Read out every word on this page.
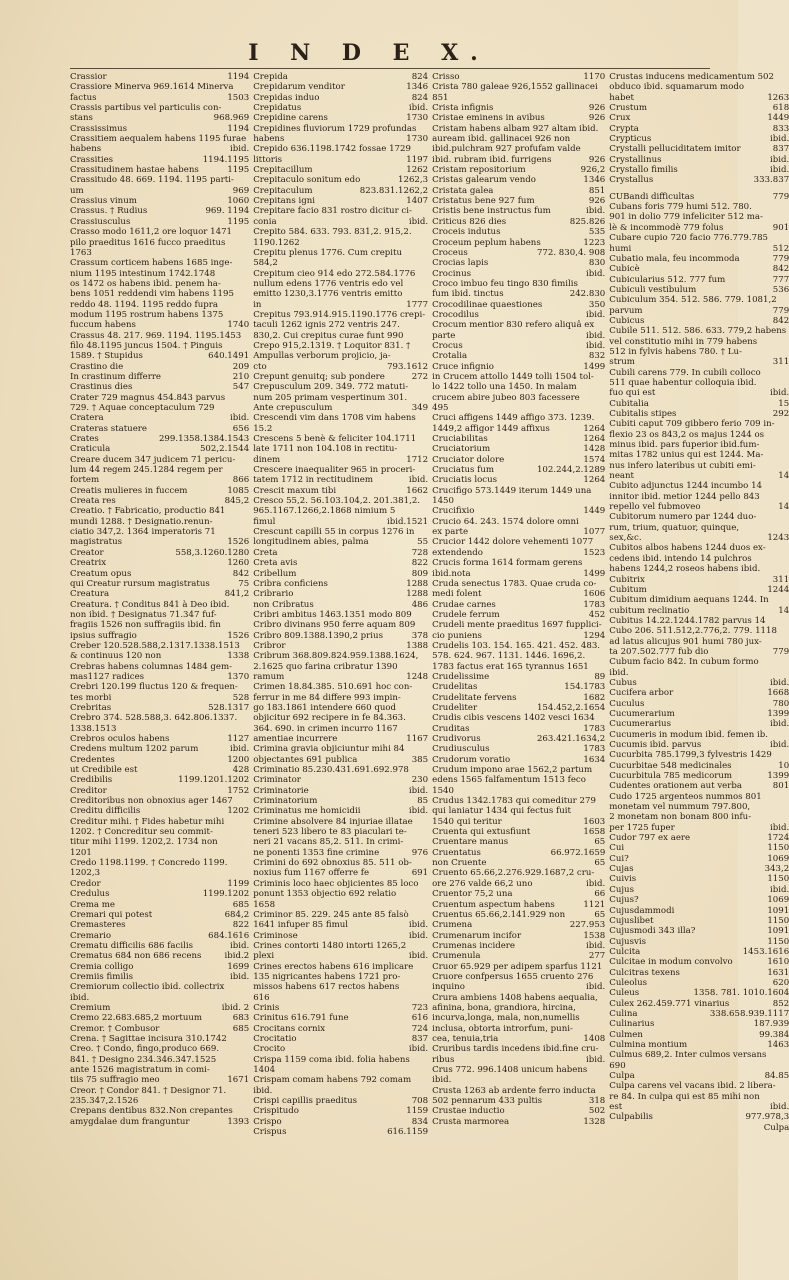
I N D E X.
Crassior	1194
Crassiore Minerva 969.1614 Minerva
factus	1503
Crassis partibus vel particulis con-
stans	968.969
Crassissimus	1194
Crassitiem aequalem habens 1195 furae
habens	ibid.
Crassities	1194.1195
Crassitudinem hastae habens	1195
Crassitudo 48. 669. 1194. 1195 parti-
um	969
Crassius vinum	1060
Crassus. † Rudius	969. 1194
Crassiusculus	1195
Crasso modo 1611,2 ore loquor 1471
pilo praeditus 1616 fucco praeditus
1763
Crassum corticem habens 1685 inge-
nium 1195 intestinum 1742.1748
os 1472 os habens ibid. penem ha-
bens 1051 reddendi vim habens 1195
reddo 48. 1194. 1195 reddo fupra
modum 1195 rostrum habens 1375
fuccum habens	1740
Crassus 48. 217. 969. 1194. 1195.1453
filo 48.1195 juncus 1504. † Pinguis
1589. † Stupidus	640.1491
Crastino die	209
In crastinum differre	210
Crastinus dies	547
Crater 729 magnus 454.843 parvus
729. † Aquae conceptaculum 729
Cratera	ibid.
Crateras statuere	656
Crates	299.1358.1384.1543
Craticula	502,2.1544
Creare ducem 347 judicem 71 pericu-
lum 44 regem 245.1284 regem per
fortem	866
Creatis mulieres in fuccem	1085
Creata res	845,2
Creatio. † Fabricatio, productio 841
mundi 1288. † Designatio.renun-
ciatio 347,2. 1364 imperatoris 71
magistratus	1526
Creator	558,3.1260.1280
Creatrix	1260
Creatum opus	842
qui Creatur rursum magistratus	75
Creatura	841,2
Creatura. † Conditus 841 à Deo ibid.
non ibid. † Designatus 71.347 fuf-
fragiis 1526 non suffragiis ibid. fin
ipsius suffragio	1526
Creber 120.528.588,2.1317.1338.1513
& continuus 120 non	1338
Crebras habens columnas 1484 gem-
mas1127 radices	1370
Crebri 120.199 fluctus 120 & frequen-
tes morbi	528
Crebritas	528.1317
Crebro 374. 528.588,3. 642.806.1337.
1338.1513
Crebros oculos habens	1127
Credens multum 1202 parum	ibid.
Credentes	1200
ut Credibile est	428
Credibilis	1199.1201.1202
Creditor	1752
Creditoribus non obnoxius ager 1467
Creditu difficilis	1202
Creditur mihi. † Fides habetur mihi
1202. † Concreditur seu commit-
titur mihi 1199. 1202,2. 1734 non
1201
Credo 1198.1199. † Concredo 1199.
1202,3
Credor	1199
Credulus	1199.1202
Crema me	685
Cremari qui potest	684,2
Cremasteres	822
Cremario	684.1616
Crematu difficilis 686 facilis	ibid.
Crematus 684 non 686 recens	ibid.2
Cremia colligo	1699
Cremiis fimilis	ibid.
Cremiorum collectio ibid. collectrix
ibid.
Cremium	ibid. 2
Cremo 22.683.685,2 mortuum	683
Cremor. † Combusor	685
Crena. † Sagittae incisura 310.1742
Creo. † Condo, fingo,produco 669.
841. † Designo 234.346.347.1525
ante 1526 magistratum in comi-
tiis 75 suffragio meo	1671
Creor. † Condor 841. † Designor 71.
235.347,2.1526
Crepans dentibus 832.Non crepantes
amygdalae dum franguntur	1393
Crepida	824
Crepidarum venditor	1346
Crepidas induo	824
Crepidatus	ibid.
Crepidine carens	1730
Crepidines fluviorum 1729 profundas
habens	1730
Crepido 636.1198.1742 fossae 1729
littoris	1197
Crepitacillum	1262
Crepitaculo sonitum edo	1262,3
Crepitaculum	823.831.1262,2
Crepitans igni	1407
Crepitare facio 831 rostro dicitur ci-
conia	ibid.
Crepito 584. 633. 793. 831,2. 915,2.
1190.1262
Crepitu plenus 1776. Cum crepitu
584,2
Crepitum cieo 914 edo 272.584.1776
nullum edens 1776 ventris edo vel
emitto 1230,3.1776 ventris emitto
in	1777
Crepitus 793.914.915.1190.1776 crepi-
taculi 1262 ignis 272 ventris 247.
830,2. Cui crepitus curae funt 990
Crepo 915,2.1319. † Loquitor 831. †
Ampullas verborum projicio, ja-
cto	793.1612
Crepunt genuitq; sub pondere	272
Crepusculum 209. 349. 772 matuti-
num 205 primam vespertinum 301.
Ante crepusculum	349
Crescendi vim dans 1708 vim habens
15.2
Crescens 5 benè & feliciter 104.1711
late 1711 non 104.108 in rectitu-
dinem	1712
Crescere inaequaliter 965 in proceri-
tatem 1712 in rectitudinem	ibid.
Crescit maxum tibi	1662
Cresco 55,2. 56.103.104,2. 201.381,2.
965.1167.1266,2.1868 nimium 5
fimul	ibid.1521
Crescunt capilli 55 in corpus 1276 in
longitudinem abies, palma	55
Creta	728
Creta avis	822
Cribellum	809
Cribra conficiens	1288
Cribrario	1288
non Cribratus	486
Cribri ambitus 1463.1351 modo 809
Cribro divinans 950 ferre aquam 809
Cribro 809.1388.1390,2 prius	378
Cribror	1388
Cribrum 368.809.824.959.1388.1624,
2.1625 quo farina cribratur 1390
ramum	1248
Crimen 18.84.385. 510.691 hoc con-
ferrur in me 84 differe 993 impin-
go 183.1861 intendere 660 quod
objicitur 692 recipere in fe 84.363.
364. 690. in crimen incurro 1167
amentiae incurrere	1167
Crimina gravia objiciuntur mihi 84
objectantes 691 publica	385
Criminatio 85.230.431.691.692.978
Criminator	230
Criminatorie	ibid.
Criminatorium	85
Criminatus me homicidii	ibid.
Crimine absolvere 84 injuriae illatae
teneri 523 libero te 83 piaculari te-
neri 21 vacans 85,2. 511. In crimi-
ne ponenti 1353 fine crimine	976
Crimini do 692 obnoxius 85. 511 ob-
noxius fum 1167 offerre fe	691
Criminis loco haec objicientes 85 loco
ponunt 1353 objectio 692 relatio
1658
Criminor 85. 229. 245 ante 85 falsò
1641 infuper 85 fimul	ibid.
Criminose	ibid.
Crines contorti 1480 intorti 1265,2
plexi	ibid.
Crines erectos habens 616 implicare
135 nigricantes habens 1721 pro-
missos habens 617 rectos habens
616
Crinis	723
Crinitus 616.791 fune	616
Crocitans cornix	724
Crocitatio	837
Crocito	ibid.
Crispa 1159 coma ibid. folia habens
1404
Crispam comam habens 792 comam
ibid.
Crispi capillis praeditus	708
Crispitudo	1159
Crispo	834
Crispus	616.1159
Crisso	1170
Crista 780 galeae 926,1552 gallinacei
851
Crista infignis	926
Cristae eminens in avibus	926
Cristam habens albam 927 altam ibid.
auream ibid. gallinacei 926 non
ibid.pulchram 927 profufam valde
ibid. rubram ibid. furrigens	926
Cristam repositorium	926,2
Cristas galearum vendo	1346
Cristata galea	851
Cristatus bene 927 fum	926
Cristis bene instructus fum	ibid.
Criticus 826 dies	825.826
Croceis indutus	535
Croceum peplum habens	1223
Croceus	772. 830,4. 908
Crocias lapis	830
Crocinus	ibid.
Croco imbuo feu tingo 830 fimilis
fum ibid. tinctus	242.830
Crocodilinae quaestiones	350
Crocodilus	ibid.
Crocum mentior 830 refero aliquâ ex
parte	ibid.
Crocus	ibid.
Crotalia	832
Cruce infignio	1499
in Crucem attollo 1449 tolli 1504 tol-
lo 1422 tollo una 1450. In malam
crucem abire jubeo 803 facessere
495
Cruci affigens 1449 affigo 373. 1239.
1449,2 affigor 1449 affixus	1264
Cruciabilitas	1264
Cruciatorium	1428
Cruciator dolore	1574
Cruciatus fum	102.244,2.1289
Cruciatis locus	1264
Crucifigo 573.1449 iterum 1449 una
1450
Crucifixio	1449
Crucio 64. 243. 1574 dolore omni
ex parte	1077
Crucior 1442 dolore vehementi 1077
extendendo	1523
Crucis forma 1614 formam gerens
ibid.nota	1499
Cruda senectus 1783. Quae cruda co-
medi folent	1606
Crudae carnes	1783
Crudele ferrum	452
Crudeli mente praeditus 1697 fupplici-
cio puniens	1294
Crudelis 103. 154. 165. 421. 452. 483.
578. 624. 967. 1131. 1446. 1696,2.
1783 factus erat 165 tyrannus 1651
Crudelissime	89
Crudelitas	154.1783
Crudelitate fervens	1682
Crudeliter	154.452,2.1654
Crudis cibis vescens 1402 vesci 1634
Cruditas	1783
Crudivorus	263.421.1634,2
Crudiusculus	1783
Crudorum voratio	1634
Crudum impono arae 1562,2 partum
edens 1565 falfamentum 1513 feco
1540
Crudus 1342.1783 qui comeditur 279
qui laniatur 1434 qui fectus fuit
1540 qui teritur	1603
Cruenta qui extusfiunt	1658
Cruentare manus	65
Cruentatus	66.972.1659
non Cruente	65
Cruento 65.66,2.276.929.1687,2 cru-
ore 276 valde 66,2 uno	ibid.
Cruentor 75,2 una	66
Cruentum aspectum habens	1121
Cruentus 65.66,2.141.929 non	65
Crumena	227.953
Crumenarum incifor	1538
Crumenas incidere	ibid.
Crumenula	277
Cruor 65.929 per adipem sparfus 1121
Cruore confpersus 1655 cruento 276
inquino	ibid.
Crura ambiens 1408 habens aequalia,
afinina, bona, grandiora, hircina,
incurva,longa, mala, non,numellis
inclusa, obtorta introrfum, puni-
cea, tenuia,tria	1408
Cruribus tardis incedens ibid.fine cru-
ribus	ibid.
Crus 772. 996.1408 unicum habens
ibid.
Crusta 1263 ab ardente ferro inducta
502 pennarum 433 pultis	318
Crustae inductio	502
Crusta marmorea	1328
Crustas inducens medicamentum 502
obduco ibid. squamarum modo
habet	1263
Crustum	618
Crux	1449
Crypta	833
Crypticus	ibid.
Crystalli pelluciditatem imitor	837
Crystallinus	ibid.
Crystallo fimilis	ibid.
Crystallus	333.837
CUBandi difficultas	779
Cubans foris 779 humi 512. 780.
901 in dolio 779 infeliciter 512 ma-
lè & incommodè 779 folus	901
Cubare cupio 720 facio 776.779.785
humi	512
Cubatio mala, feu incommoda	779
Cubicè	842
Cubicularius 512. 777 fum	777
Cubiculi vestibulum	536
Cubiculum 354. 512. 586. 779. 1081,2
parvum	779
Cubicus	842
Cubile 511. 512. 586. 633. 779,2 habens
vel constitutio mihi in 779 habens
512 in fylvis habens 780. † Lu-
strum	311
Cubili carens 779. In cubili colloco
511 quae habentur colloquia ibid.
fuo qui est	ibid.
Cubitalia	15
Cubitalis stipes	292
Cubiti caput 709 gibbero ferio 709 in-
flexio 23 os 843,2 os majus 1244 os
minus ibid. pars fuperior ibid.fum-
mitas 1782 unius qui est 1244. Ma-
nus infero lateribus ut cubiti emi-
neant	14
Cubito adjunctus 1244 incumbo 14
innitor ibid. metior 1244 pello 843
repello vel fubmoveo	14
Cubitorum numero par 1244 duo-
rum, trium, quatuor, quinque,
sex,&c.	1243
Cubitos albos habens 1244 duos ex-
cedens ibid. intendo 14 pulchros
habens 1244,2 roseos habens ibid.
Cubitrix	311
Cubitum	1244
Cubitum dimidium aequans 1244. In
cubitum reclinatio	14
Cubitus 14.22.1244.1782 parvus 14
Cubo 206. 511.512,2.776,2. 779. 1118
ad latus alicujus 901 humi 780 jux-
ta 207.502.777 fub dio	779
Cubum facio 842. In cubum formo
ibid.
Cubus	ibid.
Cucifera arbor	1668
Cuculus	780
Cucumerarium	1399
Cucumerarius	ibid.
Cucumeris in modum ibid. femen ib.
Cucumis ibid. parvus	ibid.
Cucurbita 785.1799,3 fylvestris 1429
Cucurbitae 548 medicinales	10
Cucurbitula 785 medicorum	1399
Cudentes orationem aut verba	801
Cudo 1725 argenteos nummos 801
monetam vel nummum 797.800,
2 monetam non bonam 800 infu-
per 1725 fuper	ibid.
Cudor 797 ex aere	1724
Cui	1150
Cui?	1069
Cujas	343,2
Cuivis	1150
Cujus	ibid.
Cujus?	1069
Cujusdammodi	1091
Cujuslibet	1150
Cujusmodi 343 illa?	1091
Cujusvis	1150
Culcita	1453.1616
Culcitae in modum convolvo	1610
Culcitras texens	1631
Culeolus	620
Culeus	1358. 781. 1010.1604
Culex 262.459.771 vinarius	852
Culina	338.658.939.1117
Culinarius	187.939
Culmen	99.384
Culmina montium	1463
Culmus 689,2. Inter culmos versans
690
Culpa	84.85
Culpa carens vel vacans ibid. 2 libera-
re 84. In culpa qui est 85 mihi non
est	ibid.
Culpabilis	977.978,3
Culpa
